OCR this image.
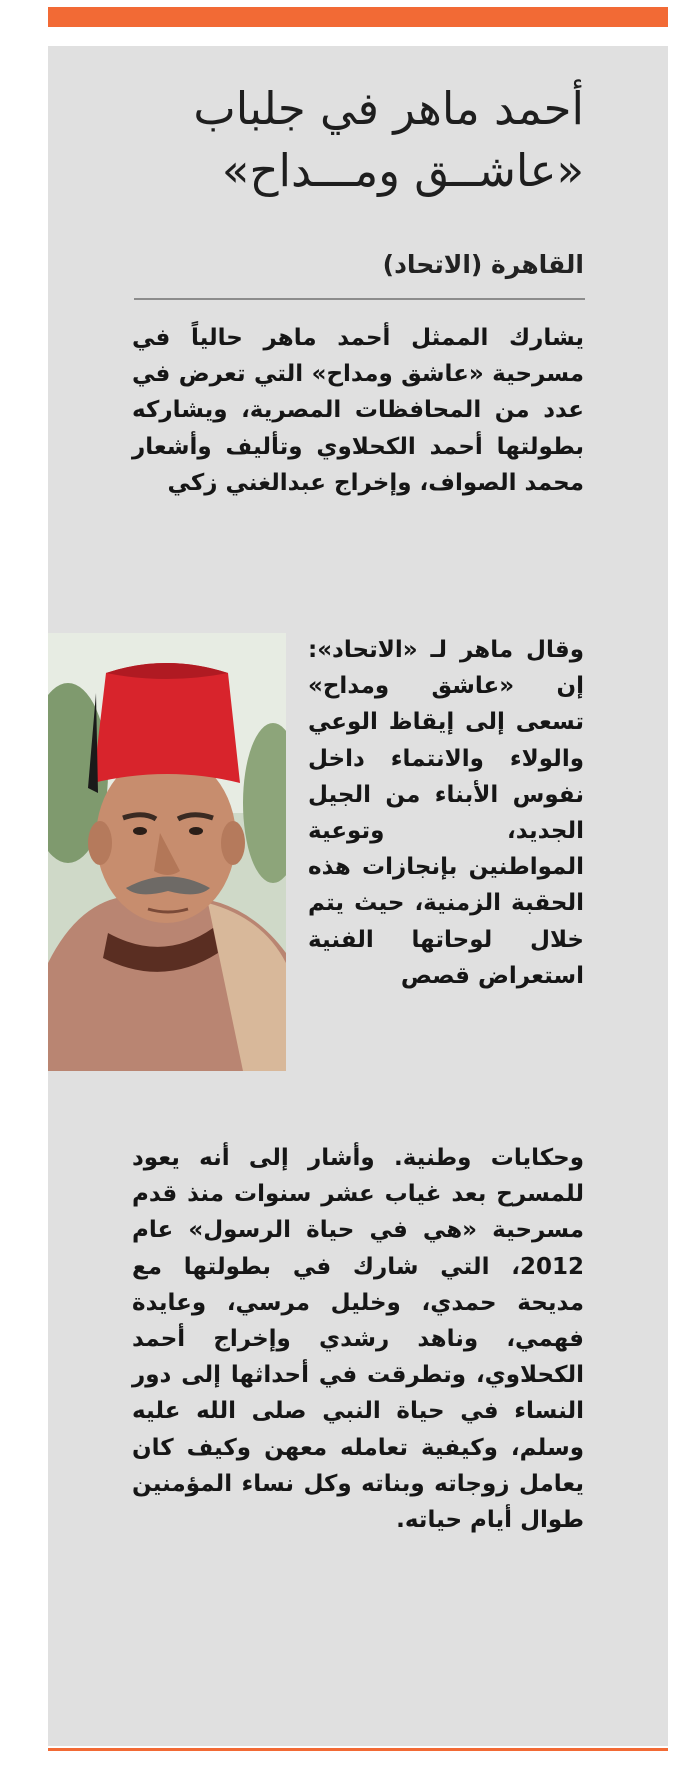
أحمد ماهر في جلباب
«عاشــق ومـــداح»
القاهرة (الاتحاد)

يشارك الممثل أحمد ماهر حالياً في مسرحية «عاشق ومداح» التي تعرض في عدد من المحافظات المصرية، ويشاركه بطولتها أحمد الكحلاوي وتأليف وأشعار محمد الصواف، وإخراج عبدالغني زكي

وقال ماهر لـ «الاتحاد»: إن «عاشق ومداح» تسعى إلى إيقاظ الوعي والولاء والانتماء داخل نفوس الأبناء من الجيل الجديد، وتوعية المواطنين بإنجازات هذه الحقبة الزمنية، حيث يتم خلال لوحاتها الفنية استعراض قصص

وحكايات وطنية. وأشار إلى أنه يعود للمسرح بعد غياب عشر سنوات منذ قدم مسرحية «هي في حياة الرسول» عام 2012، التي شارك في بطولتها مع مديحة حمدي، وخليل مرسي، وعايدة فهمي، وناهد رشدي وإخراج أحمد الكحلاوي، وتطرقت في أحداثها إلى دور النساء في حياة النبي صلى الله عليه وسلم، وكيفية تعامله معهن وكيف كان يعامل زوجاته وبناته وكل نساء المؤمنين طوال أيام حياته.
